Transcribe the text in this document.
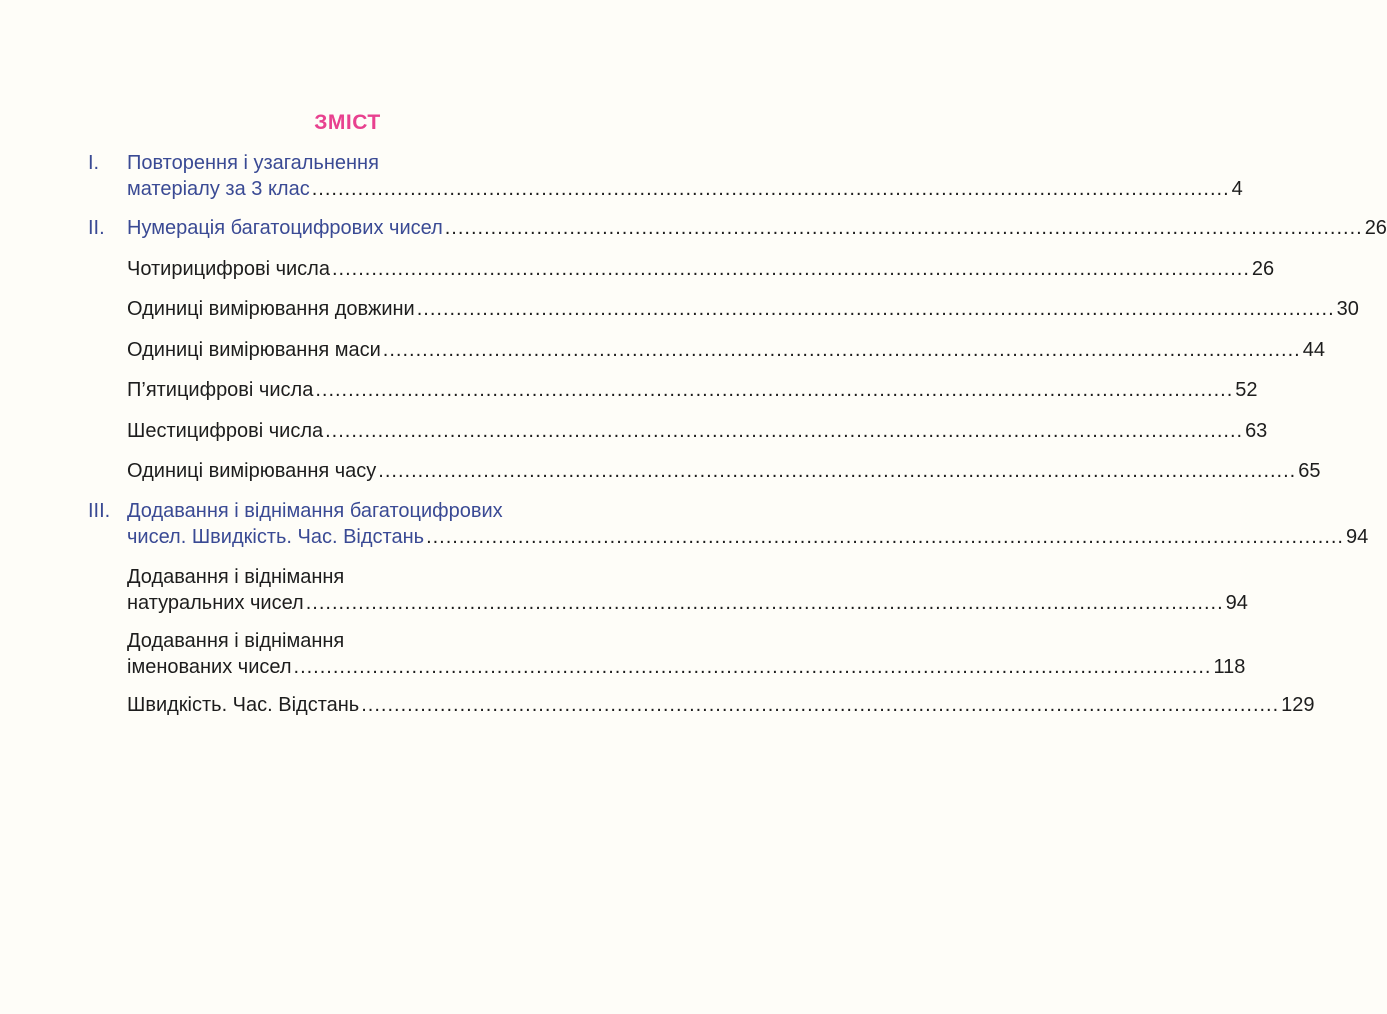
ЗМІСТ
I. Повторення і узагальнення
матеріалу за 3 клас ............................................................................................................................................ 4
II. Нумерація багатоцифрових чисел ............................................................................................................................................ 26
Чотирицифрові числа ............................................................................................................................................ 26
Одиниці вимірювання довжини ............................................................................................................................................ 30
Одиниці вимірювання маси ............................................................................................................................................ 44
П’ятицифрові числа ............................................................................................................................................ 52
Шестицифрові числа ............................................................................................................................................ 63
Одиниці вимірювання часу ............................................................................................................................................ 65
III. Додавання і віднімання багатоцифрових
чисел. Швидкість. Час. Відстань ............................................................................................................................................ 94
Додавання і віднімання
натуральних чисел ............................................................................................................................................ 94
Додавання і віднімання
іменованих чисел ............................................................................................................................................ 118
Швидкість. Час. Відстань ............................................................................................................................................ 129
